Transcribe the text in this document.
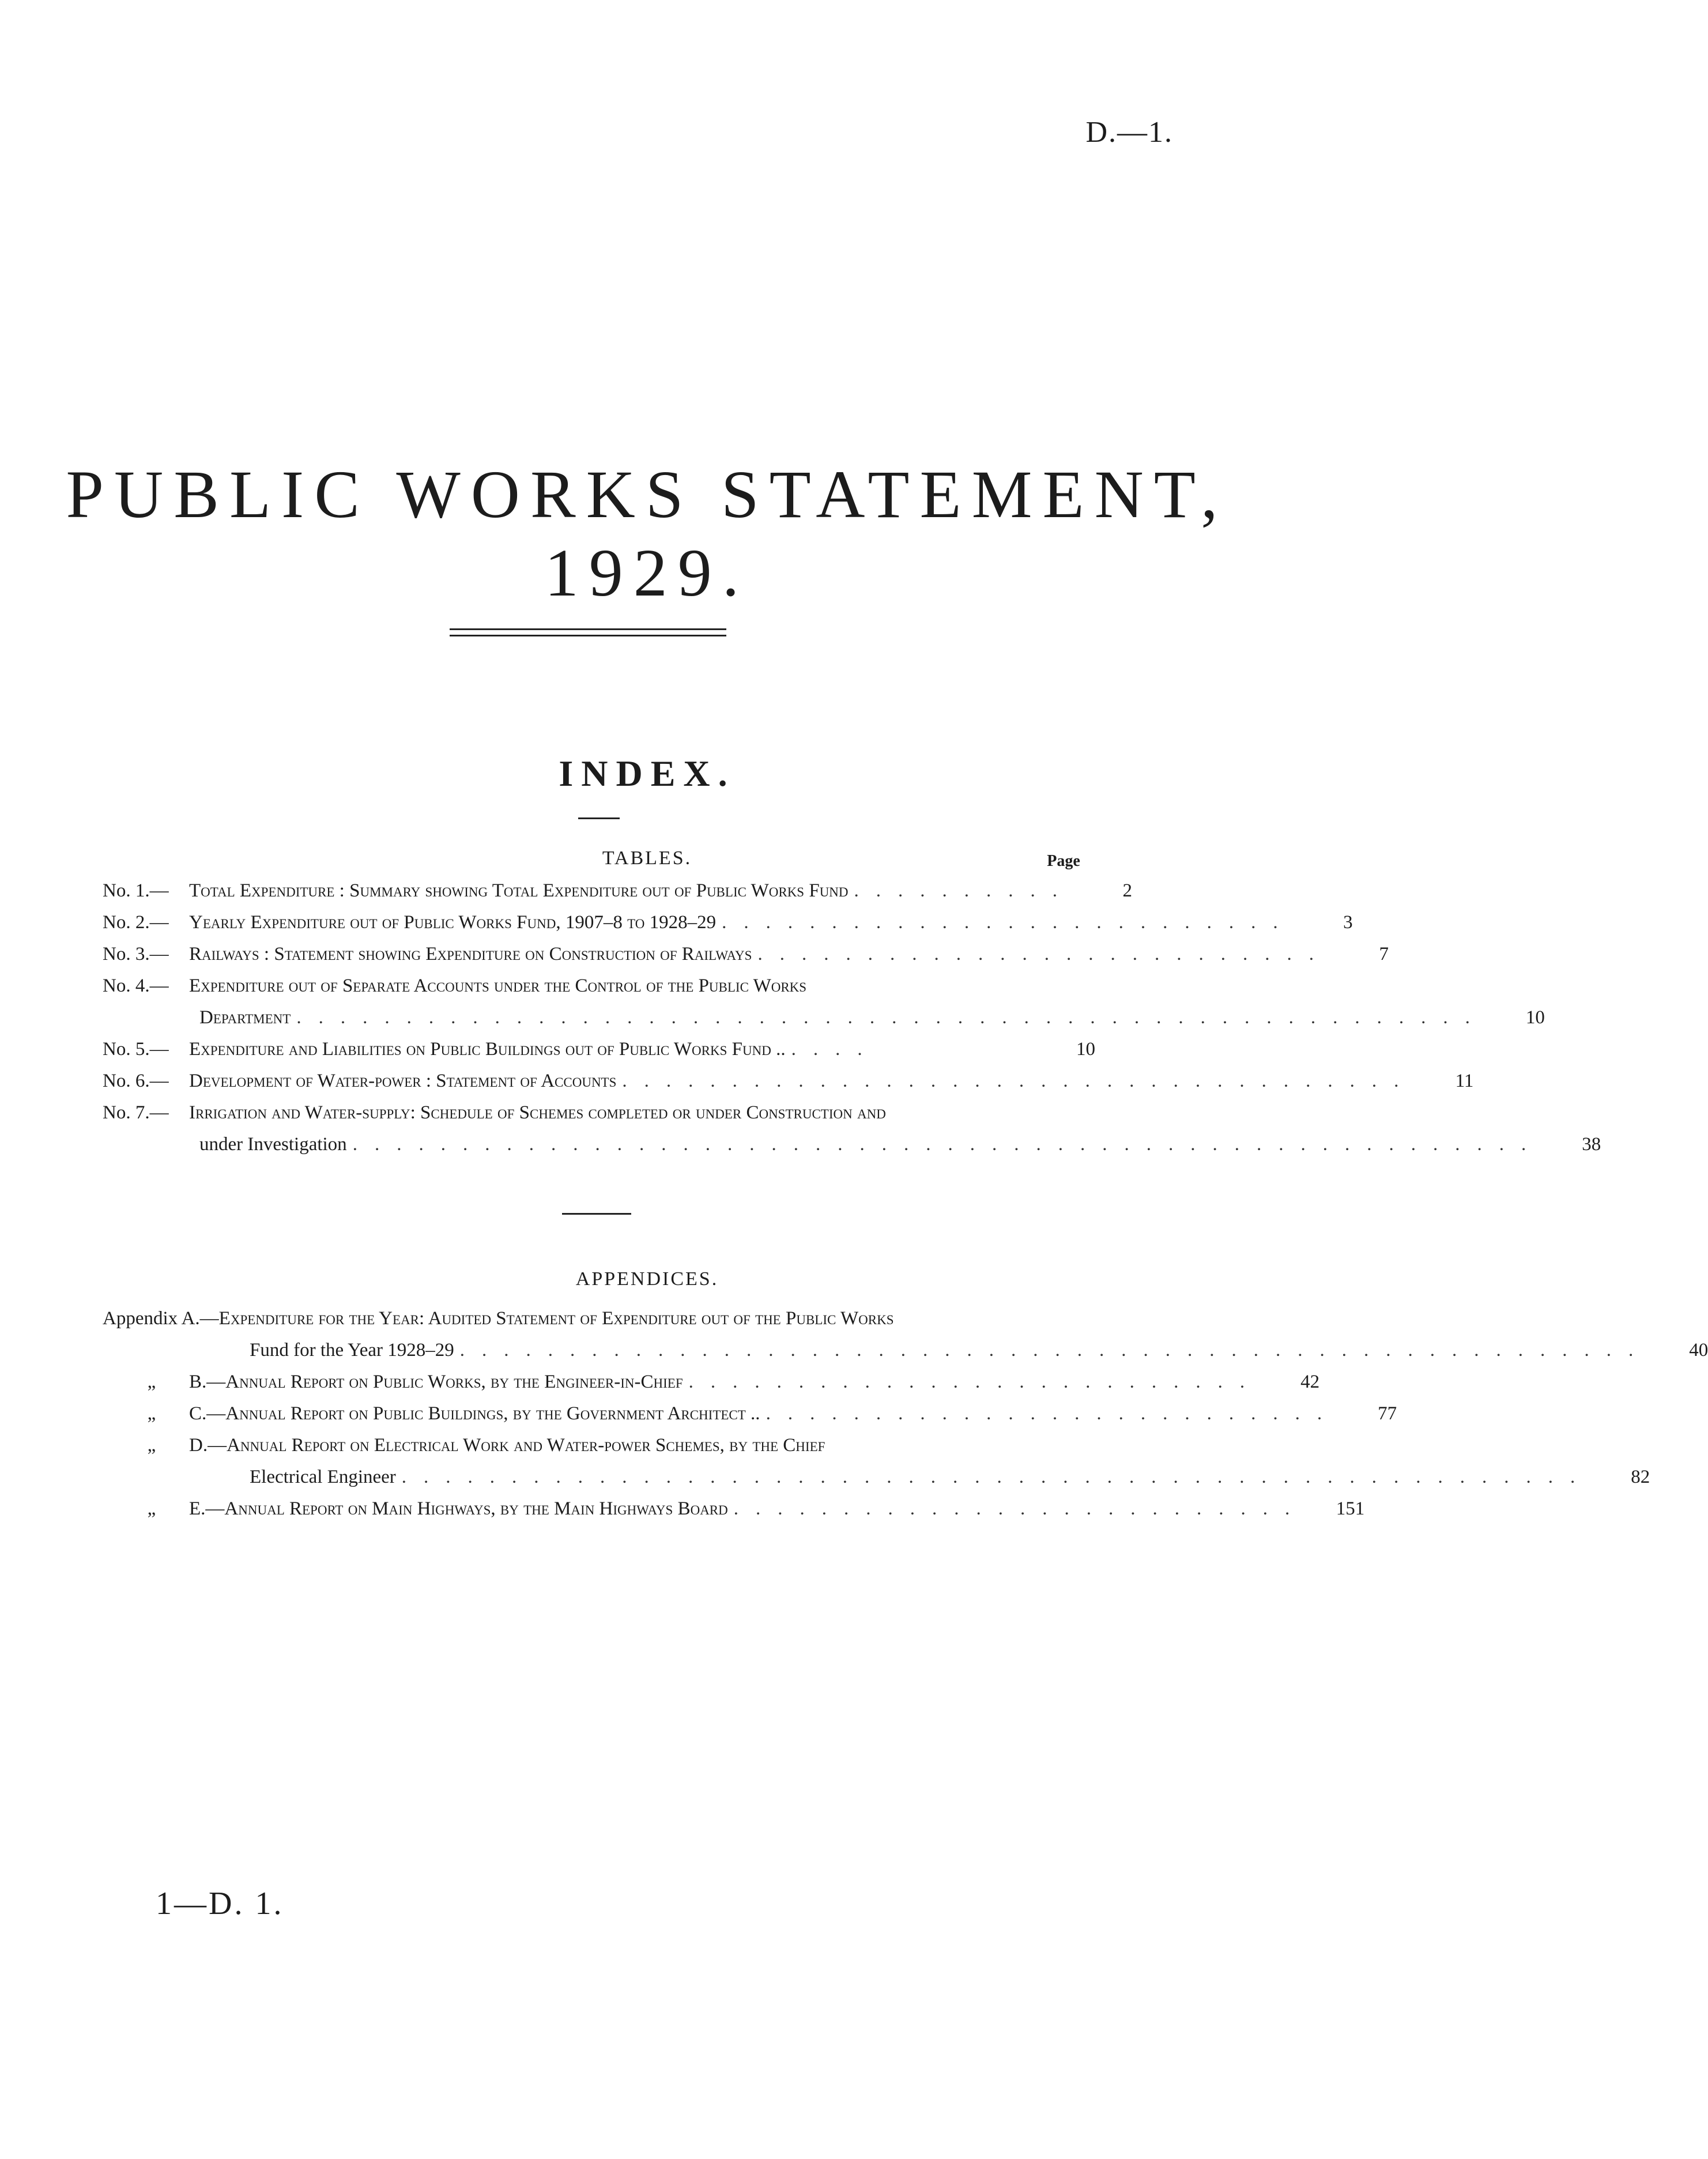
D.—1.
PUBLIC WORKS STATEMENT, 1929.
INDEX.
TABLES.	Page
No. 1.—	Total Expenditure : Summary showing Total Expenditure out of Public Works Fund ..........	2
No. 2.—	Yearly Expenditure out of Public Works Fund, 1907–8 to 1928–29 ..........................	3
No. 3.—	Railways : Statement showing Expenditure on Construction of Railways ..........................	7
No. 4.—	Expenditure out of Separate Accounts under the Control of the Public Works
Department ......................................................	10
No. 5.—	Expenditure and Liabilities on Public Buildings out of Public Works Fund .. ....	10
No. 6.—	Development of Water-power : Statement of Accounts ....................................	11
No. 7.—	Irrigation and Water-supply: Schedule of Schemes completed or under Construction and
under Investigation ......................................................	38
APPENDICES.
Appendix A.— Expenditure for the Year: Audited Statement of Expenditure out of the Public Works
Fund for the Year 1928–29 ......................................................	40
„	B.— Annual Report on Public Works, by the Engineer-in-Chief ..........................	42
„	C.— Annual Report on Public Buildings, by the Government Architect .. ..........................	77
„	D.— Annual Report on Electrical Work and Water-power Schemes, by the Chief
Electrical Engineer ......................................................	82
„	E.— Annual Report on Main Highways, by the Main Highways Board ..........................	151
1—D. 1.
